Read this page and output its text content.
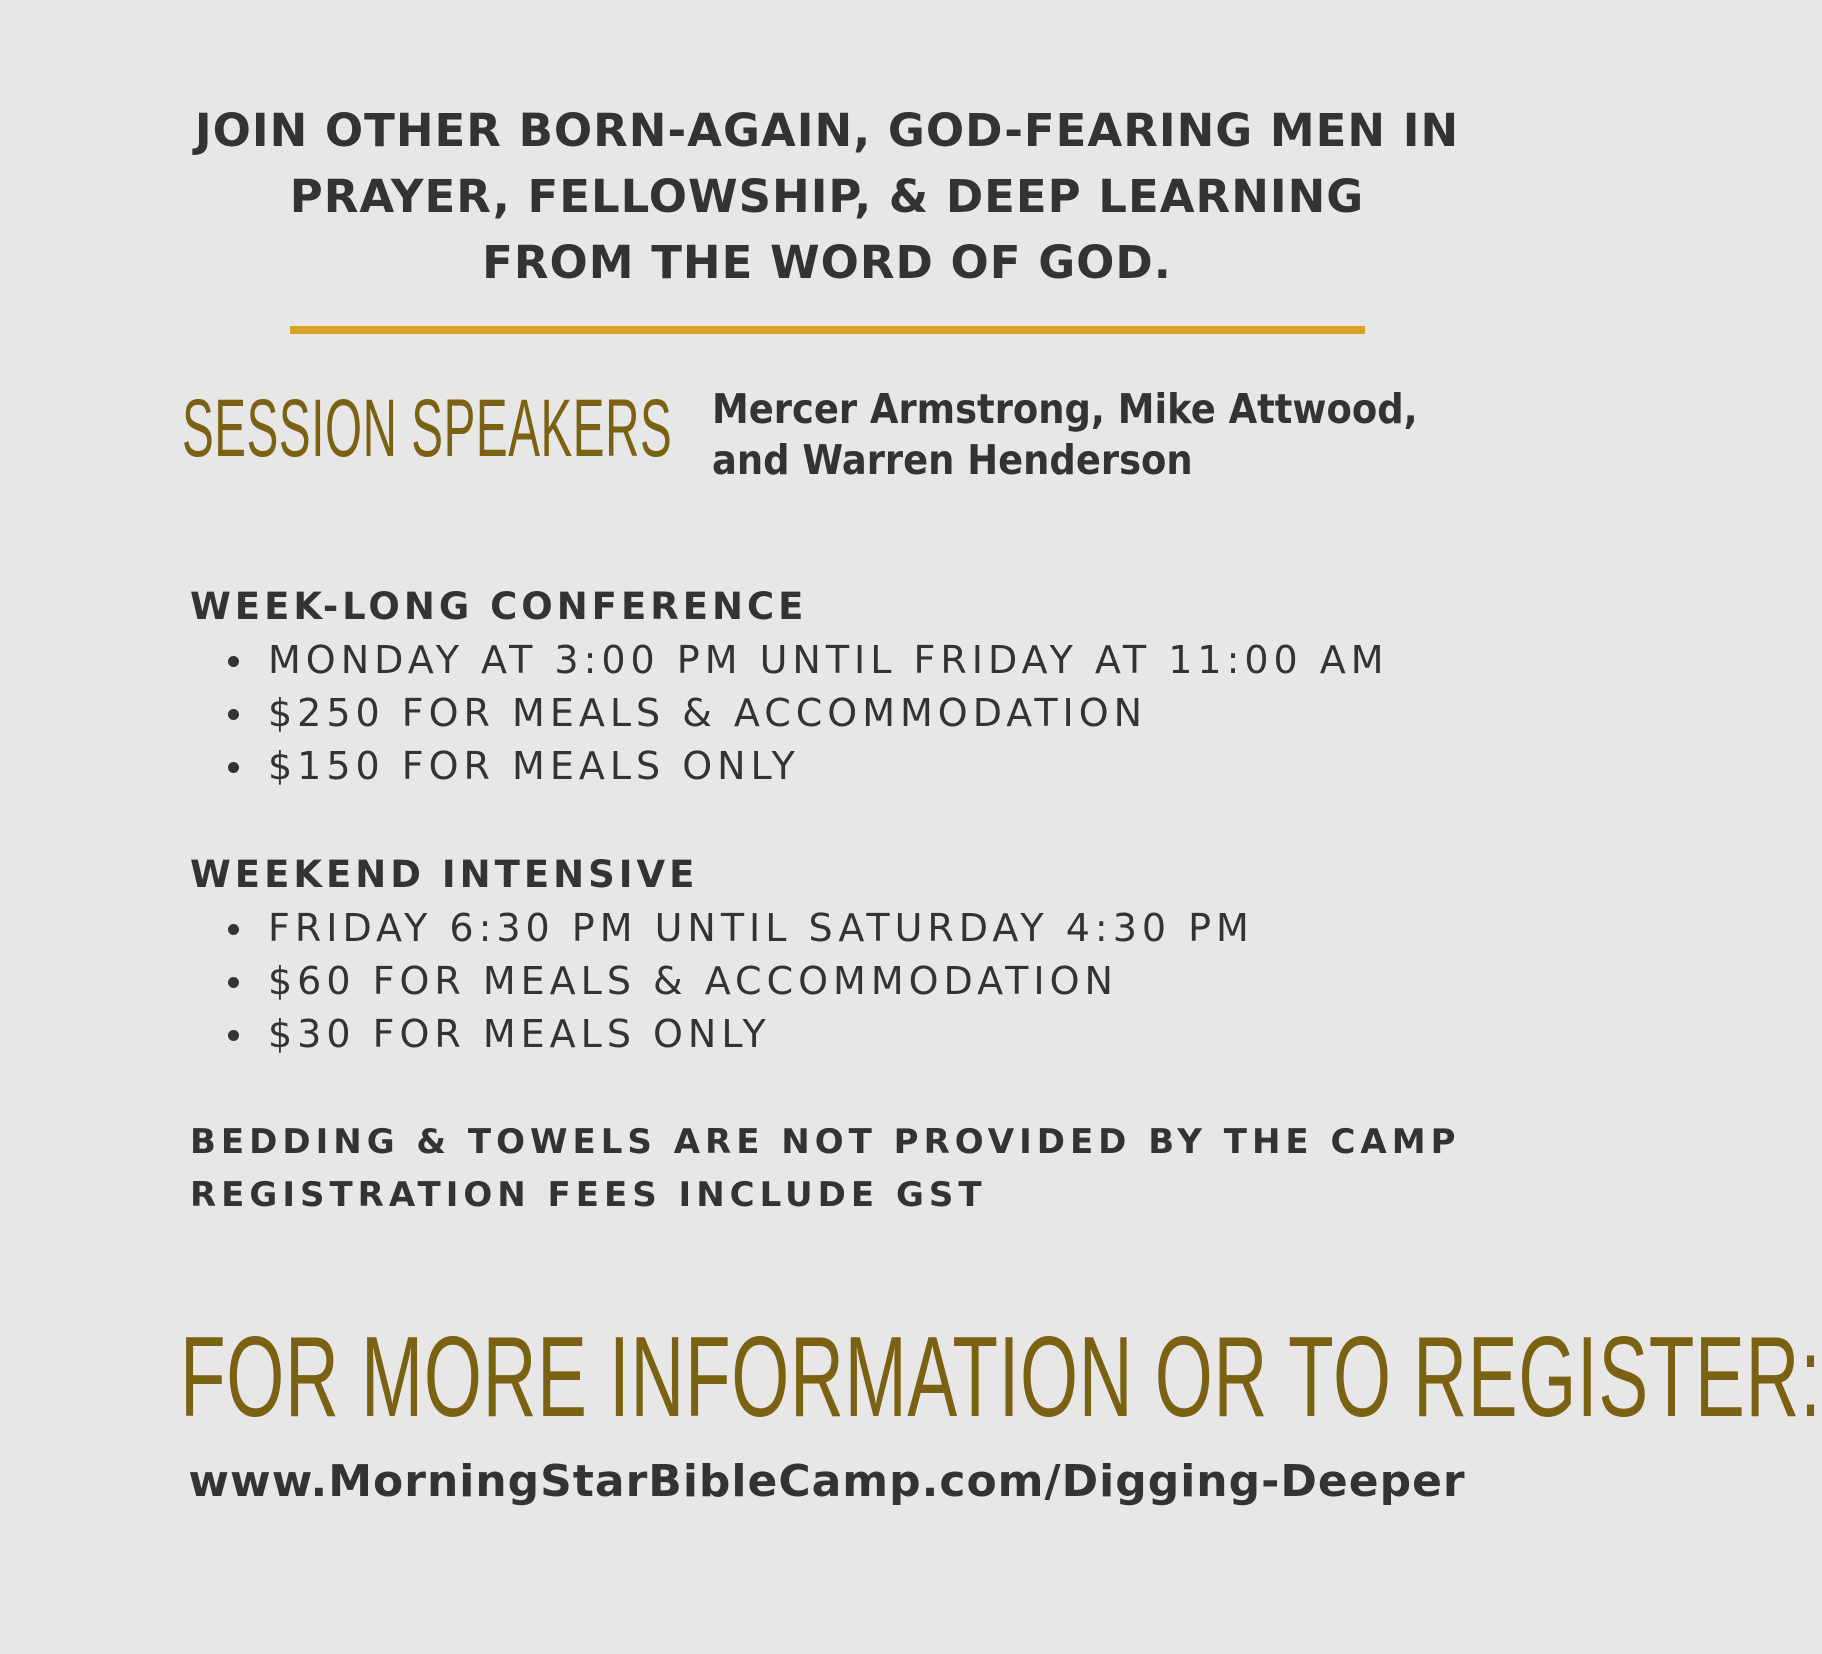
JOIN OTHER BORN-AGAIN, GOD-FEARING MEN IN
PRAYER, FELLOWSHIP, & DEEP LEARNING
FROM THE WORD OF GOD.
SESSION SPEAKERS Mercer Armstrong, Mike Attwood,
and Warren Henderson
WEEK-LONG CONFERENCE
MONDAY AT 3:00 PM UNTIL FRIDAY AT 11:00 AM
$250 FOR MEALS & ACCOMMODATION
$150 FOR MEALS ONLY
WEEKEND INTENSIVE
FRIDAY 6:30 PM UNTIL SATURDAY 4:30 PM
$60 FOR MEALS & ACCOMMODATION
$30 FOR MEALS ONLY
BEDDING & TOWELS ARE NOT PROVIDED BY THE CAMP
REGISTRATION FEES INCLUDE GST
FOR MORE INFORMATION OR TO REGISTER:
www.MorningStarBibleCamp.com/Digging-Deeper
